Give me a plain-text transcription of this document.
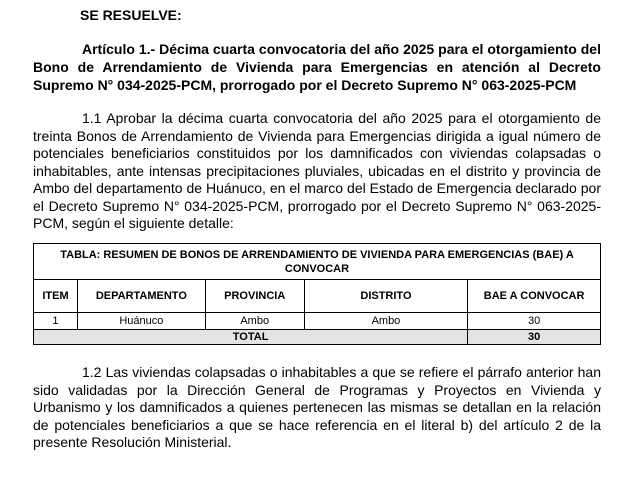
SE RESUELVE:

Artículo 1.- Décima cuarta convocatoria del año 2025 para el otorgamiento del Bono de Arrendamiento de Vivienda para Emergencias en atención al Decreto Supremo N° 034-2025-PCM, prorrogado por el Decreto Supremo N° 063-2025-PCM

1.1 Aprobar la décima cuarta convocatoria del año 2025 para el otorgamiento de treinta Bonos de Arrendamiento de Vivienda para Emergencias dirigida a igual número de potenciales beneficiarios constituidos por los damnificados con viviendas colapsadas o inhabitables, ante intensas precipitaciones pluviales, ubicadas en el distrito y provincia de Ambo del departamento de Huánuco, en el marco del Estado de Emergencia declarado por el Decreto Supremo N° 034-2025-PCM, prorrogado por el Decreto Supremo N° 063-2025-PCM, según el siguiente detalle:

TABLA: RESUMEN DE BONOS DE ARRENDAMIENTO DE VIVIENDA PARA EMERGENCIAS (BAE) A CONVOCAR				
ITEM	DEPARTAMENTO	PROVINCIA	DISTRITO	BAE A CONVOCAR
1	Huánuco	Ambo	Ambo	30
TOTAL				30

1.2 Las viviendas colapsadas o inhabitables a que se refiere el párrafo anterior han sido validadas por la Dirección General de Programas y Proyectos en Vivienda y Urbanismo y los damnificados a quienes pertenecen las mismas se detallan en la relación de potenciales beneficiarios a que se hace referencia en el literal b) del artículo 2 de la presente Resolución Ministerial.
